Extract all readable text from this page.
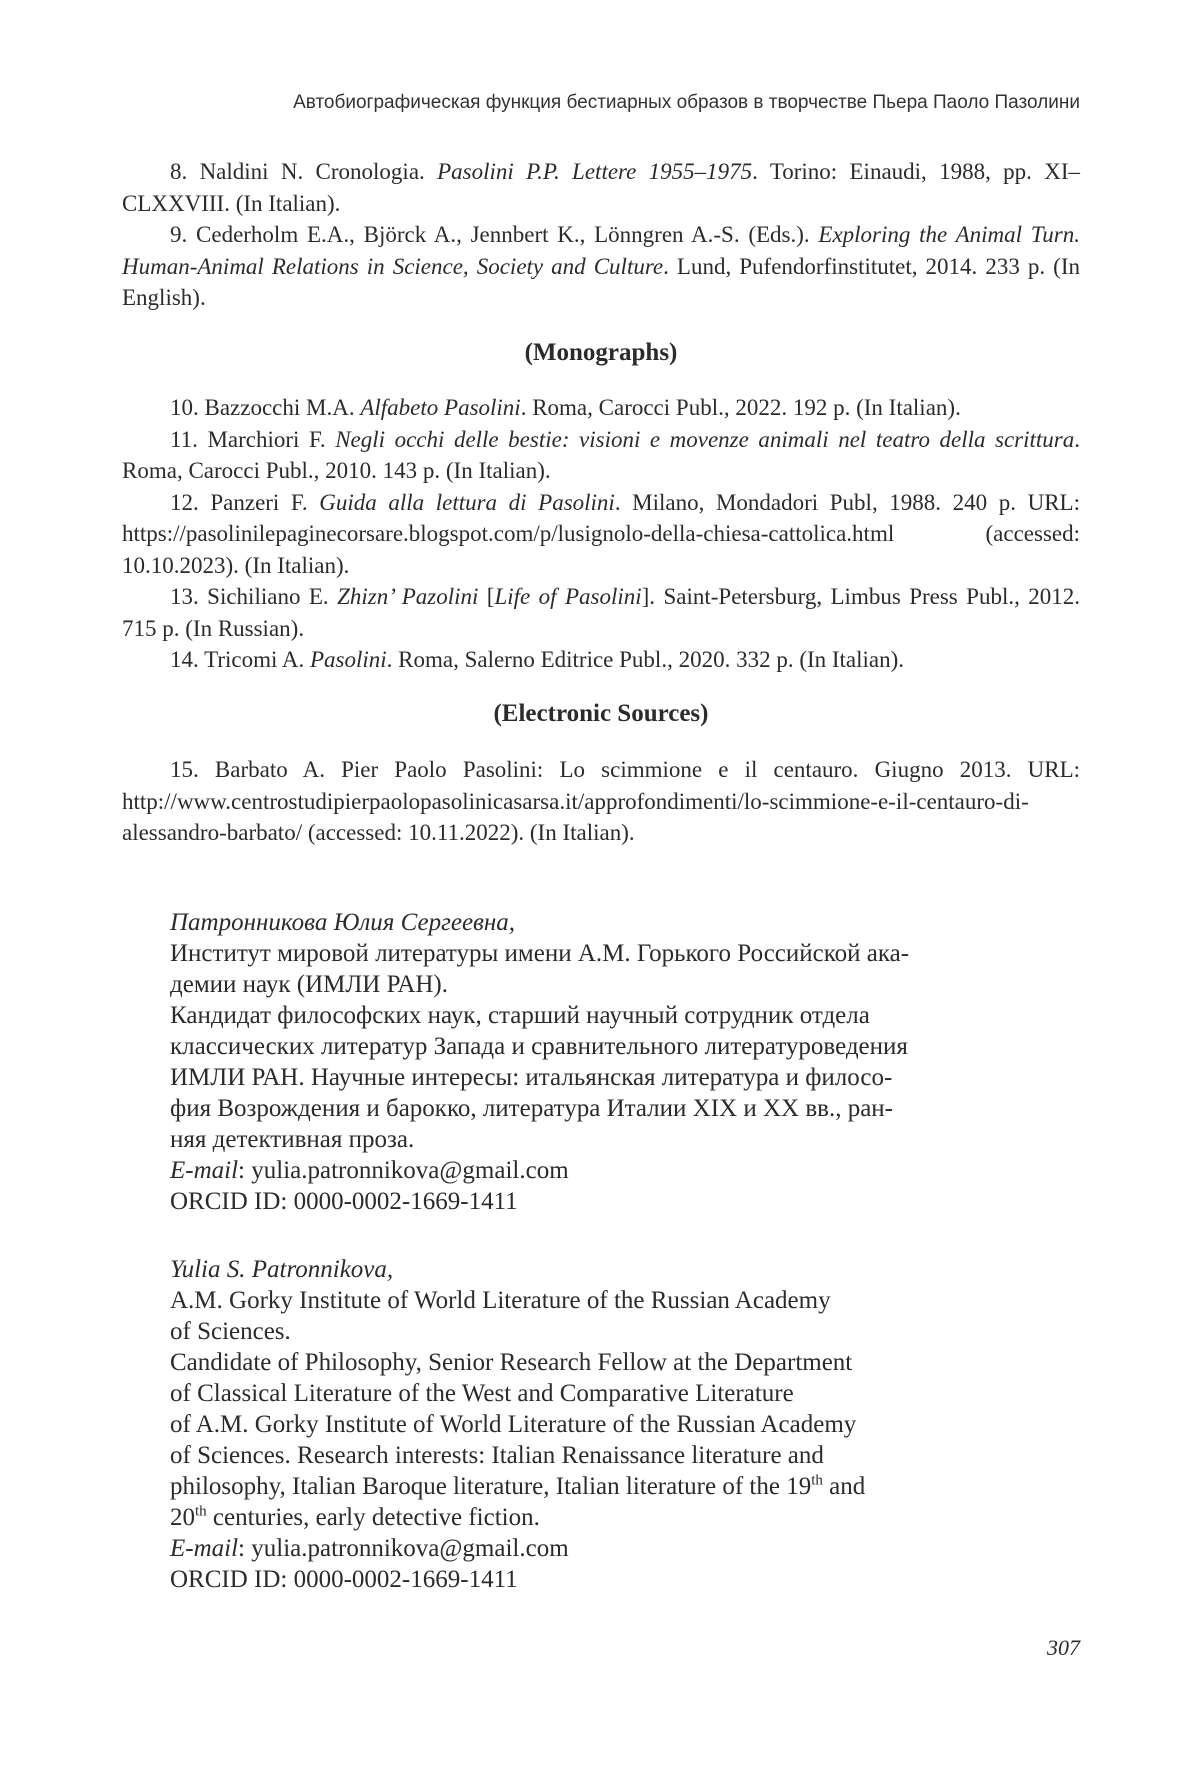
Автобиографическая функция бестиарных образов в творчестве Пьера Паоло Пазолини

8. Naldini N. Cronologia. Pasolini P.P. Lettere 1955–1975. Torino: Einaudi, 1988, pp. XI– CLXXVIII. (In Italian).

9. Cederholm E.A., Björck A., Jennbert K., Lönngren A.-S. (Eds.). Exploring the Animal Turn. Human-Animal Relations in Science, Society and Culture. Lund, Pufendorfinstitutet, 2014. 233 p. (In English).

(Monographs)

10. Bazzocchi M.A. Alfabeto Pasolini. Roma, Carocci Publ., 2022. 192 p. (In Italian).

11. Marchiori F. Negli occhi delle bestie: visioni e movenze animali nel teatro della scrittura. Roma, Carocci Publ., 2010. 143 p. (In Italian).

12. Panzeri F. Guida alla lettura di Pasolini. Milano, Mondadori Publ, 1988. 240 p. URL: https://pasolinilepaginecorsare.blogspot.com/p/lusignolo-della-chiesa-cattolica.html (accessed: 10.10.2023). (In Italian).

13. Sichiliano E. Zhizn’ Pazolini [Life of Pasolini]. Saint-Petersburg, Limbus Press Publ., 2012. 715 p. (In Russian).

14. Tricomi A. Pasolini. Roma, Salerno Editrice Publ., 2020. 332 p. (In Italian).

(Electronic Sources)

15. Barbato A. Pier Paolo Pasolini: Lo scimmione e il centauro. Giugno 2013. URL: http://www.centrostudipierpaolopasolinicasarsa.it/approfondimenti/lo-scimmione-e-il-centauro-di-alessandro-barbato/ (accessed: 10.11.2022). (In Italian).

Патронникова Юлия Сергеевна,

Институт мировой литературы имени А.М. Горького Российской ака-

демии наук (ИМЛИ РАН).

Кандидат философских наук, старший научный сотрудник отдела

классических литератур Запада и сравнительного литературоведения

ИМЛИ РАН. Научные интересы: итальянская литература и филосо-

фия Возрождения и барокко, литература Италии XIX и XX вв., ран-

няя детективная проза.

E-mail: yulia.patronnikova@gmail.com

ORCID ID: 0000-0002-1669-1411

Yulia S. Patronnikova,

A.M. Gorky Institute of World Literature of the Russian Academy

of Sciences.

Candidate of Philosophy, Senior Research Fellow at the Department

of Classical Literature of the West and Comparative Literature

of A.M. Gorky Institute of World Literature of the Russian Academy

of Sciences. Research interests: Italian Renaissance literature and

philosophy, Italian Baroque literature, Italian literature of the 19th and

20th centuries, early detective fiction.

E-mail: yulia.patronnikova@gmail.com

ORCID ID: 0000-0002-1669-1411

307
